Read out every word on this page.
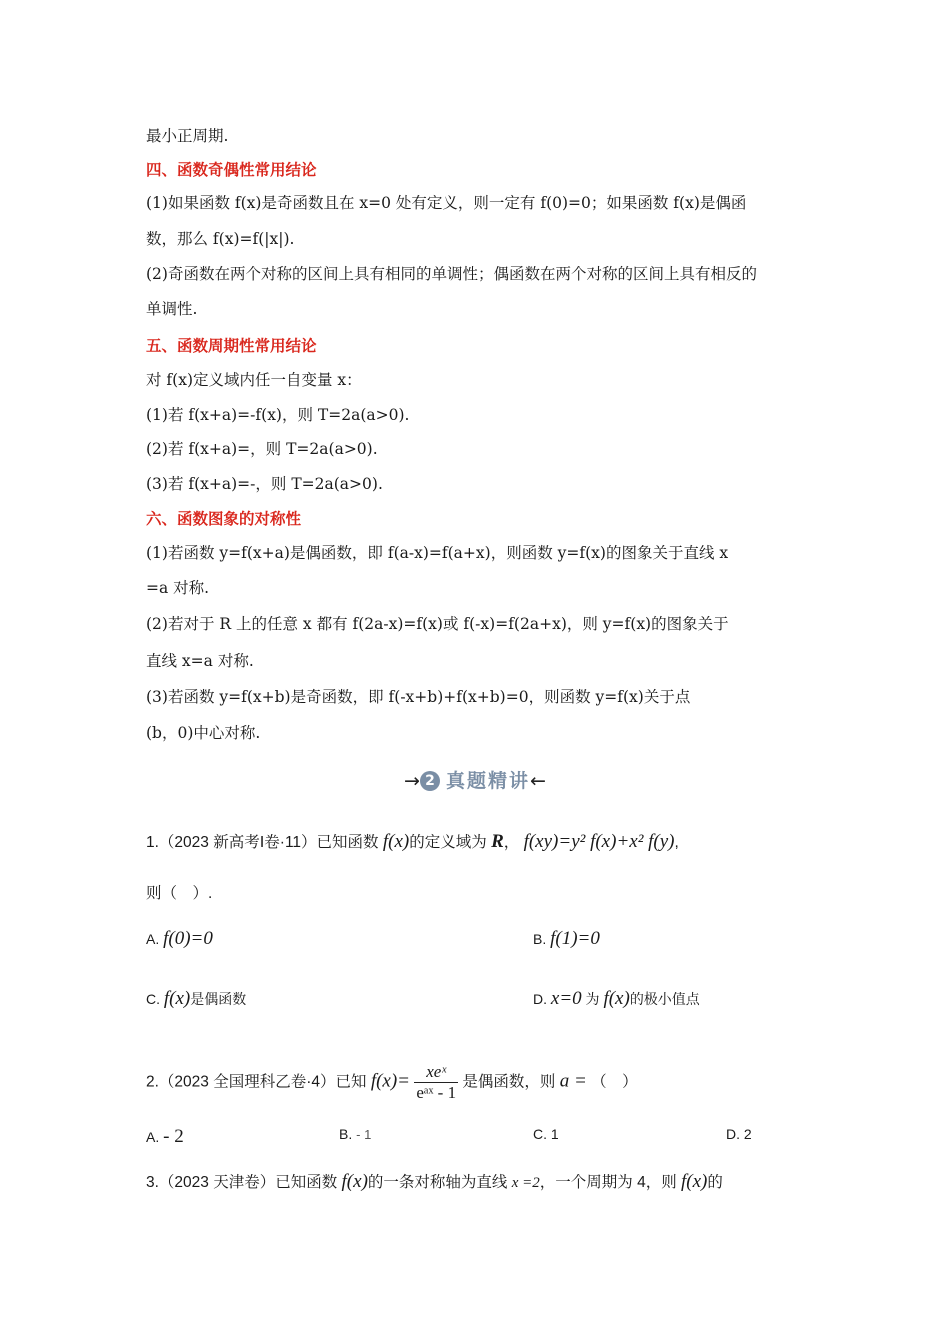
最小正周期.
四、函数奇偶性常用结论
(1)如果函数 f(x)是奇函数且在 x=0 处有定义，则一定有 f(0)=0；如果函数 f(x)是偶函
数，那么 f(x)=f(|x|).
(2)奇函数在两个对称的区间上具有相同的单调性；偶函数在两个对称的区间上具有相反的
单调性.
五、函数周期性常用结论
对 f(x)定义域内任一自变量 x：
(1)若 f(x+a)=-f(x)，则 T=2a(a>0).
(2)若 f(x+a)=，则 T=2a(a>0).
(3)若 f(x+a)=-，则 T=2a(a>0).
六、函数图象的对称性
(1)若函数 y=f(x+a)是偶函数，即 f(a-x)=f(a+x)，则函数 y=f(x)的图象关于直线 x
=a 对称.
(2)若对于 R 上的任意 x 都有 f(2a-x)=f(x)或 f(-x)=f(2a+x)，则 y=f(x)的图象关于
直线 x=a 对称.
(3)若函数 y=f(x+b)是奇函数，即 f(-x+b)+f(x+b)=0，则函数 y=f(x)关于点
(b，0)中心对称.
→ 2 真题精讲←
1.（2023 新高考Ⅰ卷·11）已知函数 f(x)的定义域为 R， f(xy)=y² f(x)+x² f(y),
则（　）.
A. f(0)=0	B. f(1)=0
C. f(x)是偶函数	D. x=0 为 f(x)的极小值点
2.（2023 全国理科乙卷·4）已知 $f(x)= \frac{\text{xeˣ}}{\text{eᵃˣ - 1}}$ 是偶函数，则 a = （　）
A. - 2	B. - 1	C. 1	D. 2
3.（2023 天津卷）已知函数 f(x)的一条对称轴为直线 x =2，一个周期为 4，则 f(x)的
